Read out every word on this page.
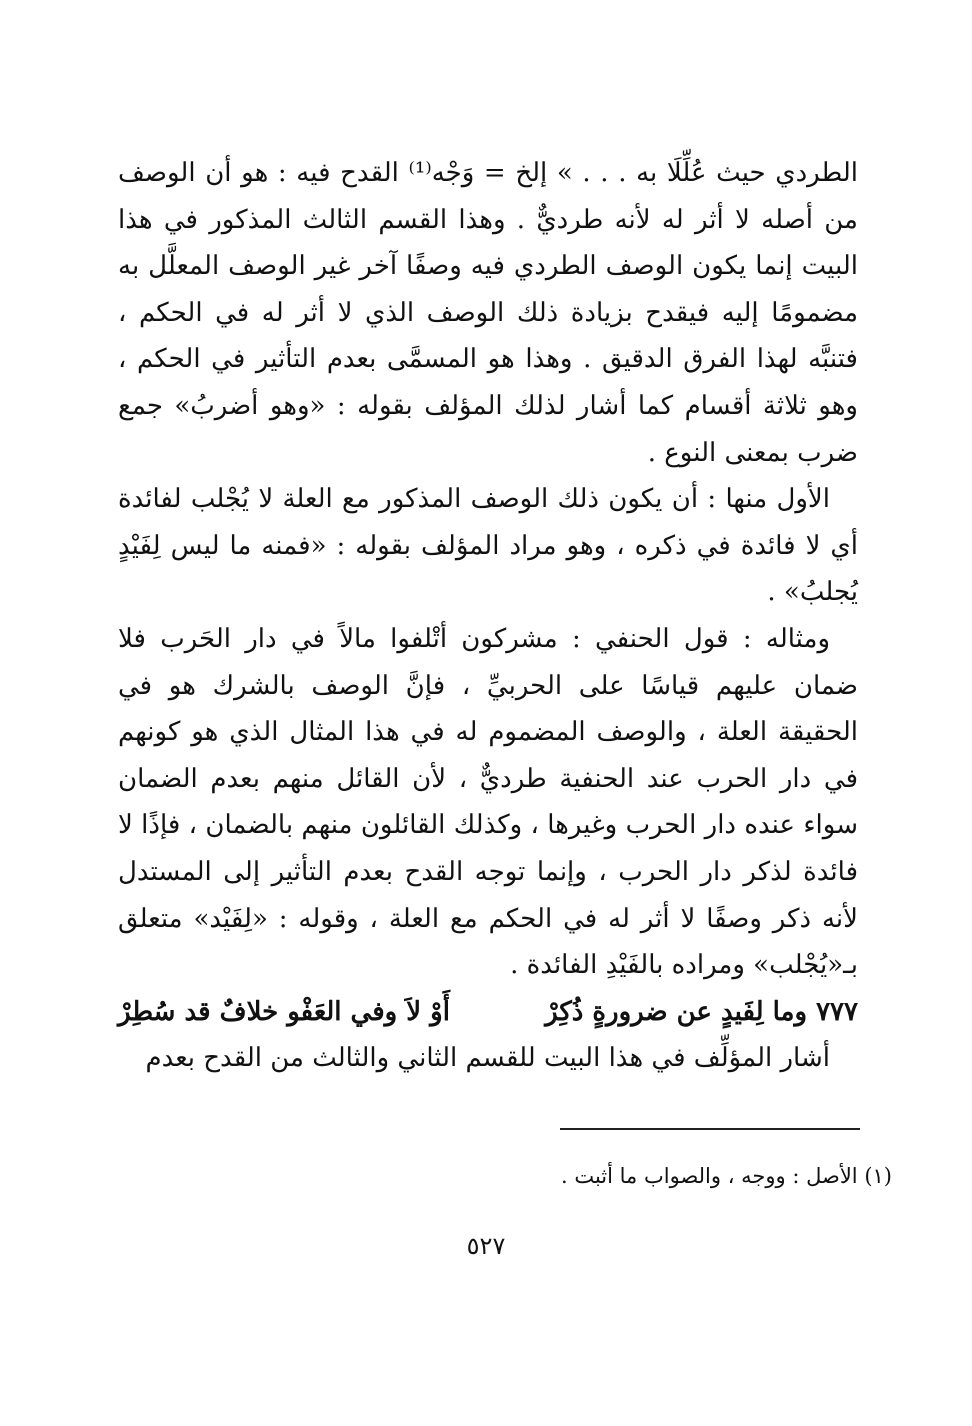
الطردي حيث عُلِّلَا به . . . » إلخ = وَجْه⁽¹⁾ القدح فيه : هو أن الوصف من أصله لا أثر له لأنه طرديٌّ . وهذا القسم الثالث المذكور في هذا البيت إنما يكون الوصف الطردي فيه وصفًا آخر غير الوصف المعلَّل به مضمومًا إليه فيقدح بزيادة ذلك الوصف الذي لا أثر له في الحكم ، فتنبَّه لهذا الفرق الدقيق . وهذا هو المسمَّى بعدم التأثير في الحكم ، وهو ثلاثة أقسام كما أشار لذلك المؤلف بقوله : «وهو أضربُ» جمع ضرب بمعنى النوع .

الأول منها : أن يكون ذلك الوصف المذكور مع العلة لا يُجْلب لفائدة أي لا فائدة في ذكره ، وهو مراد المؤلف بقوله : «فمنه ما ليس لِفَيْدٍ يُجلبُ» .

ومثاله : قول الحنفي : مشركون أتْلفوا مالاً في دار الحَرب فلا ضمان عليهم قياسًا على الحربيِّ ، فإنَّ الوصف بالشرك هو في الحقيقة العلة ، والوصف المضموم له في هذا المثال الذي هو كونهم في دار الحرب عند الحنفية طرديٌّ ، لأن القائل منهم بعدم الضمان سواء عنده دار الحرب وغيرها ، وكذلك القائلون منهم بالضمان ، فإذًا لا فائدة لذكر دار الحرب ، وإنما توجه القدح بعدم التأثير إلى المستدل لأنه ذكر وصفًا لا أثر له في الحكم مع العلة ، وقوله : «لِفَيْد» متعلق بـ«يُجْلب» ومراده بالفَيْدِ الفائدة .

٧٧٧ وما لِفَيدٍ عن ضرورةٍ ذُكِرْ
أَوْ لاَ وفي العَفْو خلافٌ قد سُطِرْ

أشار المؤلِّف في هذا البيت للقسم الثاني والثالث من القدح بعدم

(١) الأصل : ووجه ، والصواب ما أثبت .

٥٢٧
